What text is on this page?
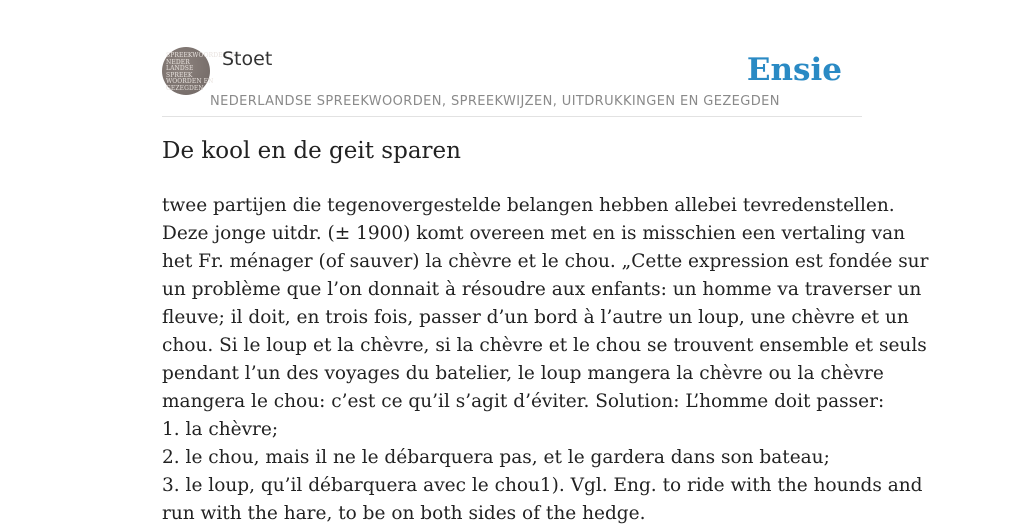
SPREEKWOORDEN EN
NEDER
LANDSE
SPREEK
WOORDEN EN
GEZEGDEN
Stoet
NEDERLANDSE SPREEKWOORDEN, SPREEKWIJZEN, UITDRUKKINGEN EN GEZEGDEN
Ensie
De kool en de geit sparen
twee partijen die tegenovergestelde belangen hebben allebei tevredenstellen.
Deze jonge uitdr. (± 1900) komt overeen met en is misschien een vertaling van
het Fr. ménager (of sauver) la chèvre et le chou. „Cette expression est fondée sur
un problème que l’on donnait à résoudre aux enfants: un homme va traverser un
fleuve; il doit, en trois fois, passer d’un bord à l’autre un loup, une chèvre et un
chou. Si le loup et la chèvre, si la chèvre et le chou se trouvent ensemble et seuls
pendant l’un des voyages du batelier, le loup mangera la chèvre ou la chèvre
mangera le chou: c’est ce qu’il s’agit d’éviter. Solution: L’homme doit passer:
1. la chèvre;
2. le chou, mais il ne le débarquera pas, et le gardera dans son bateau;
3. le loup, qu’il débarquera avec le chou1). Vgl. Eng. to ride with the hounds and
run with the hare, to be on both sides of the hedge.
